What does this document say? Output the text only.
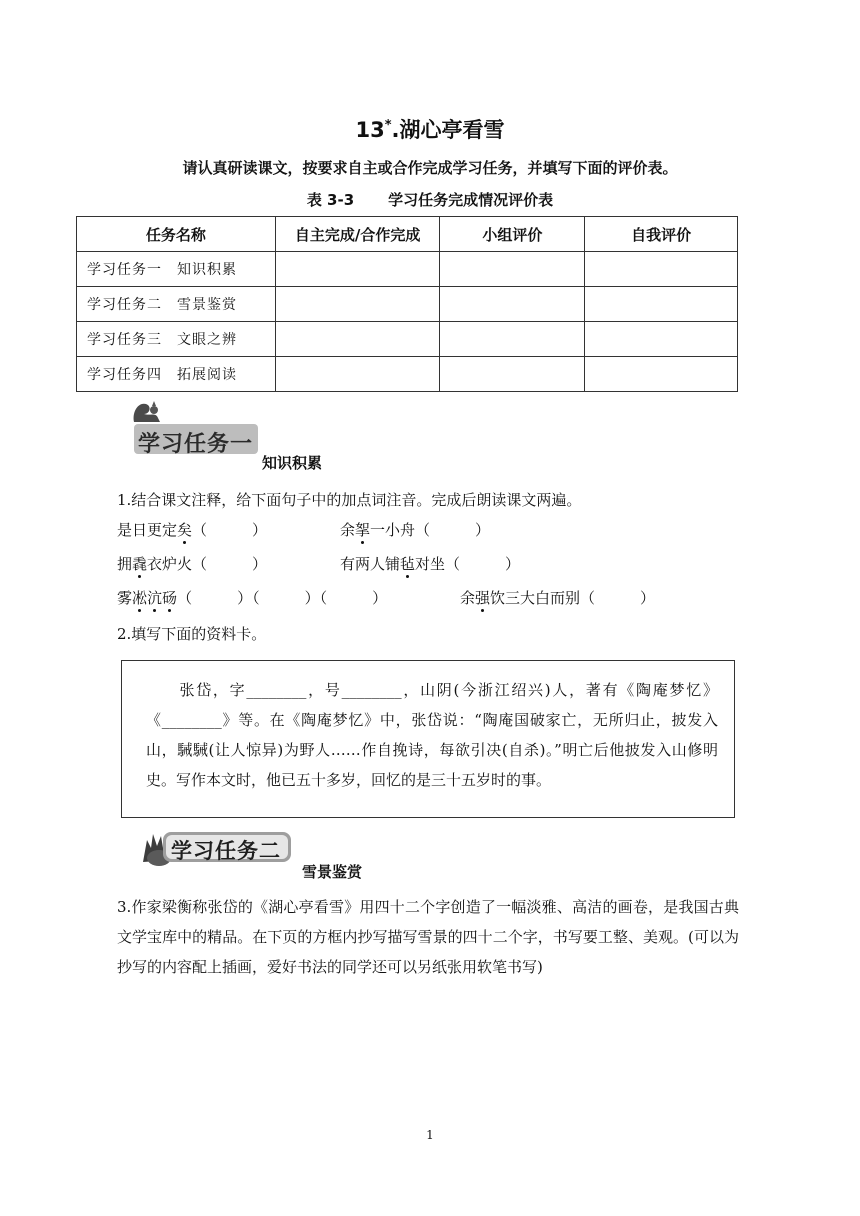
13*.湖心亭看雪
请认真研读课文，按要求自主或合作完成学习任务，并填写下面的评价表。
表 3-3 学习任务完成情况评价表
任务名称	自主完成/合作完成	小组评价	自我评价
学习任务一　知识积累			
学习任务二　雪景鉴赏			
学习任务三　文眼之辨			
学习任务四　拓展阅读			
学习任务一
知识积累
1.结合课文注释，给下面句子中的加点词注音。完成后朗读课文两遍。
是日更定矣（　　　）	余挐一小舟（　　　）
拥毳衣炉火（　　　）	有两人铺毡对坐（　　　）
雾凇沆砀（　　　）（　　　）（　　　）	余强饮三大白而别（　　　）
2.填写下面的资料卡。
　　张岱，字________，号________，山阴(今浙江绍兴)人，著有《陶庵梦忆》《________》等。在《陶庵梦忆》中，张岱说：“陶庵国破家亡，无所归止，披发入山，駴駴(让人惊异)为野人……作自挽诗，每欲引决(自杀)。”明亡后他披发入山修明史。写作本文时，他已五十多岁，回忆的是三十五岁时的事。
学习任务二
雪景鉴赏
3.作家梁衡称张岱的《湖心亭看雪》用四十二个字创造了一幅淡雅、高洁的画卷，是我国古典文学宝库中的精品。在下页的方框内抄写描写雪景的四十二个字，书写要工整、美观。(可以为抄写的内容配上插画，爱好书法的同学还可以另纸张用软笔书写)
1
